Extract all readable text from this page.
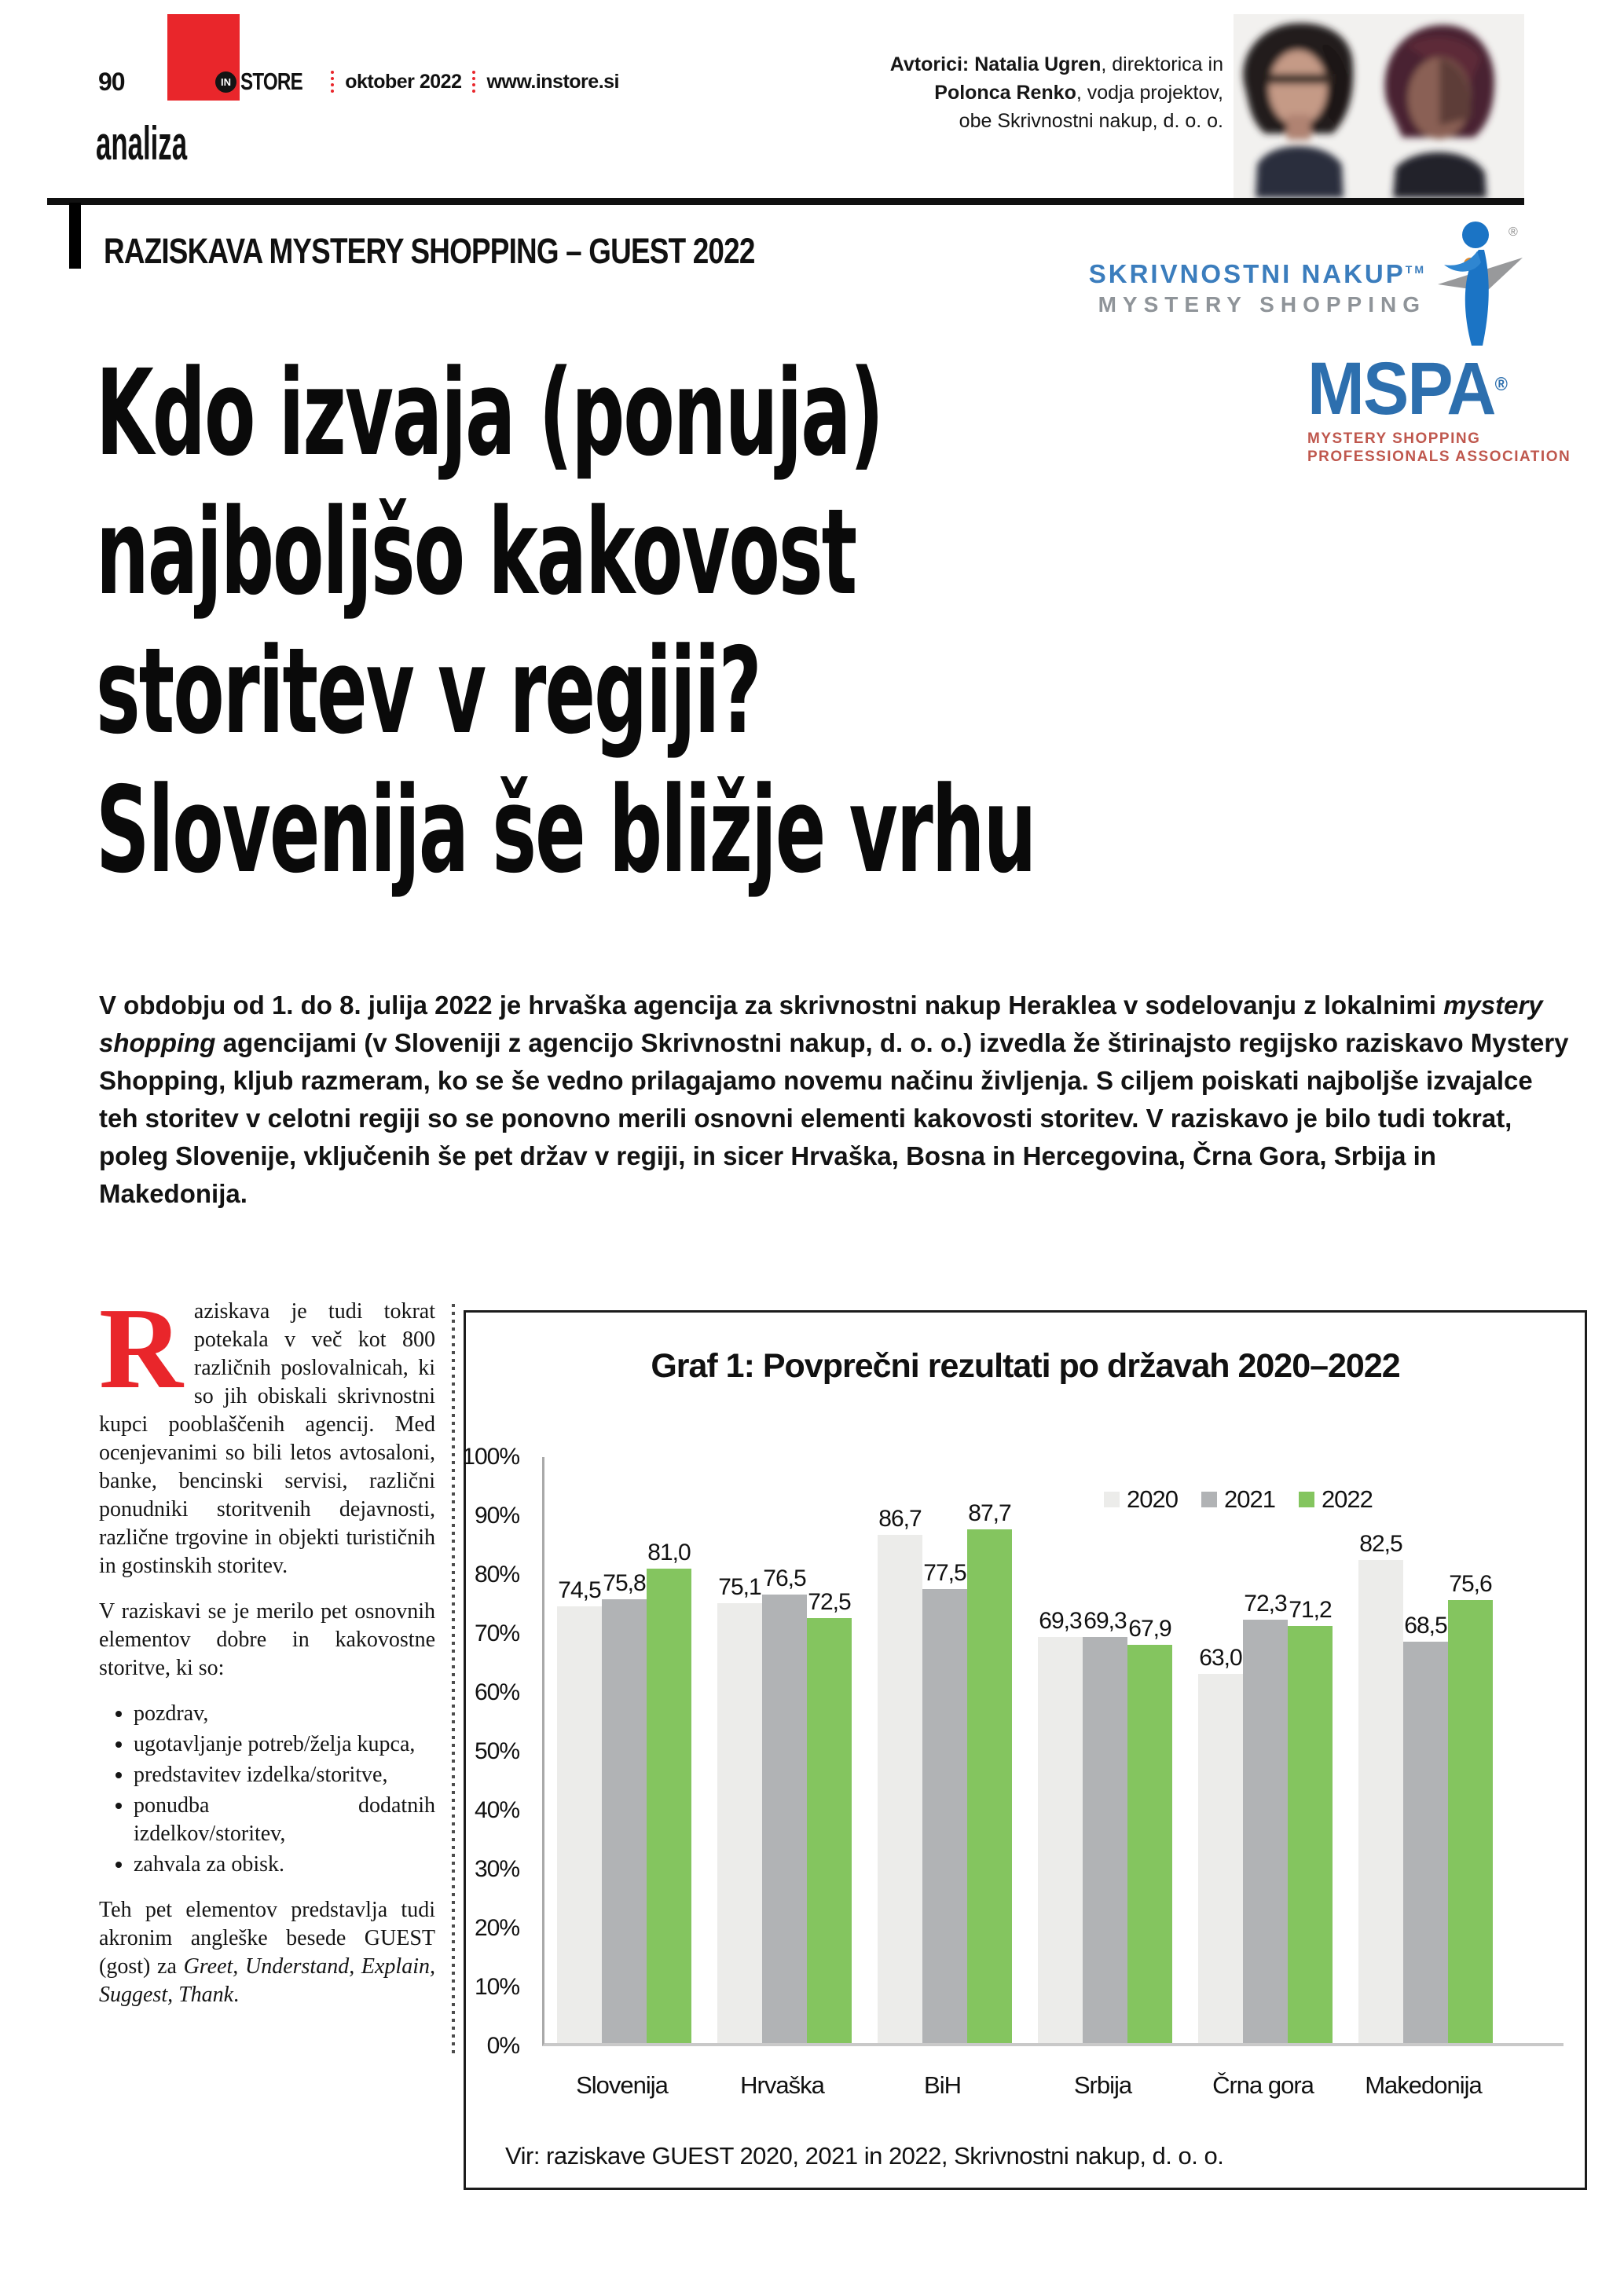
90	IN STORE oktober 2022 www.instore.si
analiza
Avtorici: Natalia Ugren, direktorica in
Polonca Renko, vodja projektov,
obe Skrivnostni nakup, d. o. o.
RAZISKAVA MYSTERY SHOPPING – GUEST 2022
SKRIVNOSTNI NAKUP™
MYSTERY SHOPPING
®
MSPA®
MYSTERY SHOPPING
PROFESSIONALS ASSOCIATION
Kdo izvaja (ponuja)
najboljšo kakovost
storitev v regiji?
Slovenija še bližje vrhu
V obdobju od 1. do 8. julija 2022 je hrvaška agencija za skrivnostni nakup Heraklea v sodelovanju z lokalnimi mystery shopping agencijami (v Sloveniji z agencijo Skrivnostni nakup, d. o. o.) izvedla že štirinajsto regijsko raziskavo Mystery Shopping, kljub razmeram, ko se še vedno prilagajamo novemu načinu življenja. S ciljem poiskati najboljše izvajalce teh storitev v celotni regiji so se ponovno merili osnovni elementi kakovosti storitev. V raziskavo je bilo tudi tokrat, poleg Slovenije, vključenih še pet držav v regiji, in sicer Hrvaška, Bosna in Hercegovina, Črna Gora, Srbija in Makedonija.

Raziskava je tudi tokrat potekala v več kot 800 različnih poslovalnicah, ki so jih obiskali skrivnostni kupci pooblaščenih agencij. Med ocenjevanimi so bili letos avtosaloni, banke, bencinski servisi, različni ponudniki storitvenih dejavnosti, različne trgovine in objekti turističnih in gostinskih storitev.

V raziskavi se je merilo pet osnovnih elementov dobre in kakovostne storitve, ki so:

• pozdrav,
• ugotavljanje potreb/želja kupca,
• predstavitev izdelka/storitve,
• ponudba dodatnih izdelkov/storitev,
• zahvala za obisk.

Teh pet elementov predstavlja tudi akronim angleške besede GUEST (gost) za Greet, Understand, Explain, Suggest, Thank.

Graf 1: Povprečni rezultati po državah 2020–2022
2020 2021 2022
100%
90%
80%
70%
60%
50%
40%
30%
20%
10%
0%
74,5 75,8
81,0
75,1 76,5
72,5
86,7
77,5
87,7
69,3 69,3 67,9
63,0
72,3 71,2
82,5
68,5
75,6
Slovenija	Hrvaška	BiH	Srbija	Črna gora	Makedonija
Vir: raziskave GUEST 2020, 2021 in 2022, Skrivnostni nakup, d. o. o.
